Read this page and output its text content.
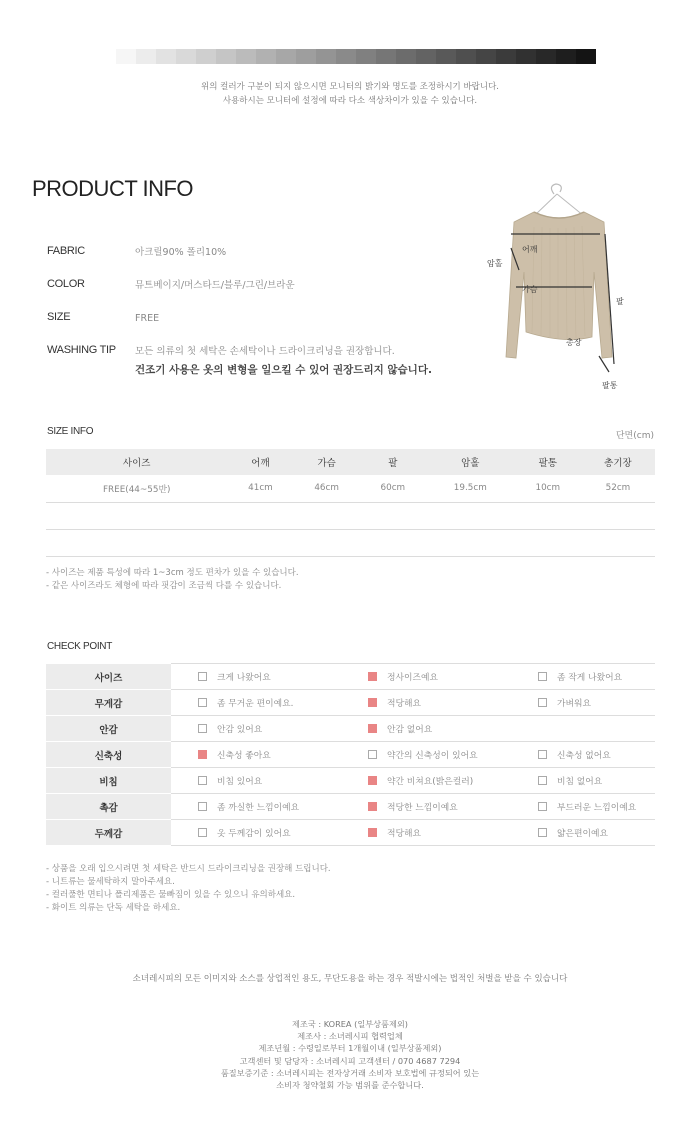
위의 컬러가 구분이 되지 않으시면 모니터의 밝기와 명도를 조정하시기 바랍니다.
사용하시는 모니터에 설정에 따라 다소 색상차이가 있을 수 있습니다.
PRODUCT INFO
FABRIC	아크릴90% 폴리10%
COLOR	뮤트베이지/머스타드/블루/그린/브라운
SIZE	FREE
WASHING TIP	모든 의류의 첫 세탁은 손세탁이나 드라이크리닝을 권장합니다.
건조기 사용은 옷의 변형을 일으킬 수 있어 권장드리지 않습니다.
어깨
가슴
암홀
팔
총장
팔통
SIZE INFO	단면(cm)
사이즈	어깨	가슴	팔	암홀	팔통	총기장
FREE(44~55반)	41cm	46cm	60cm	19.5cm	10cm	52cm

- 사이즈는 제품 특성에 따라 1~3cm 정도 편차가 있을 수 있습니다.
- 같은 사이즈라도 체형에 따라 핏감이 조금씩 다를 수 있습니다.
CHECK POINT
사이즈	크게 나왔어요	정사이즈예요	좀 작게 나왔어요
무게감	좀 무거운 편이예요.	적당해요	가벼워요
안감	안감 있어요	안감 없어요	
신축성	신축성 좋아요	약간의 신축성이 있어요	신축성 없어요
비침	비침 있어요	약간 비쳐요(밝은컬러)	비침 없어요
촉감	좀 까실한 느낌이예요	적당한 느낌이예요	부드러운 느낌이예요
두께감	옷 두께감이 있어요	적당해요	얇은편이예요
- 상품을 오래 입으시려면 첫 세탁은 반드시 드라이크리닝을 권장해 드립니다.
- 니트류는 물세탁하지 말아주세요.
- 컬러풀한 면티나 폴리제품은 물빠짐이 있을 수 있으니 유의하세요.
- 화이트 의류는 단독 세탁을 하세요.
소녀레시피의 모든 이미지와 소스를 상업적인 용도, 무단도용을 하는 경우 적발시에는 법적인 처벌을 받을 수 있습니다
제조국 : KOREA (일부상품제외)
제조사 : 소녀레시피 협력업체
제조년월 : 수령일로부터 1개월이내 (일부상품제외)
고객센터 및 담당자 : 소녀레시피 고객센터 / 070 4687 7294
품질보증기준 : 소녀레시피는 전자상거래 소비자 보호법에 규정되어 있는
소비자 청약철회 가능 범위를 준수합니다.
